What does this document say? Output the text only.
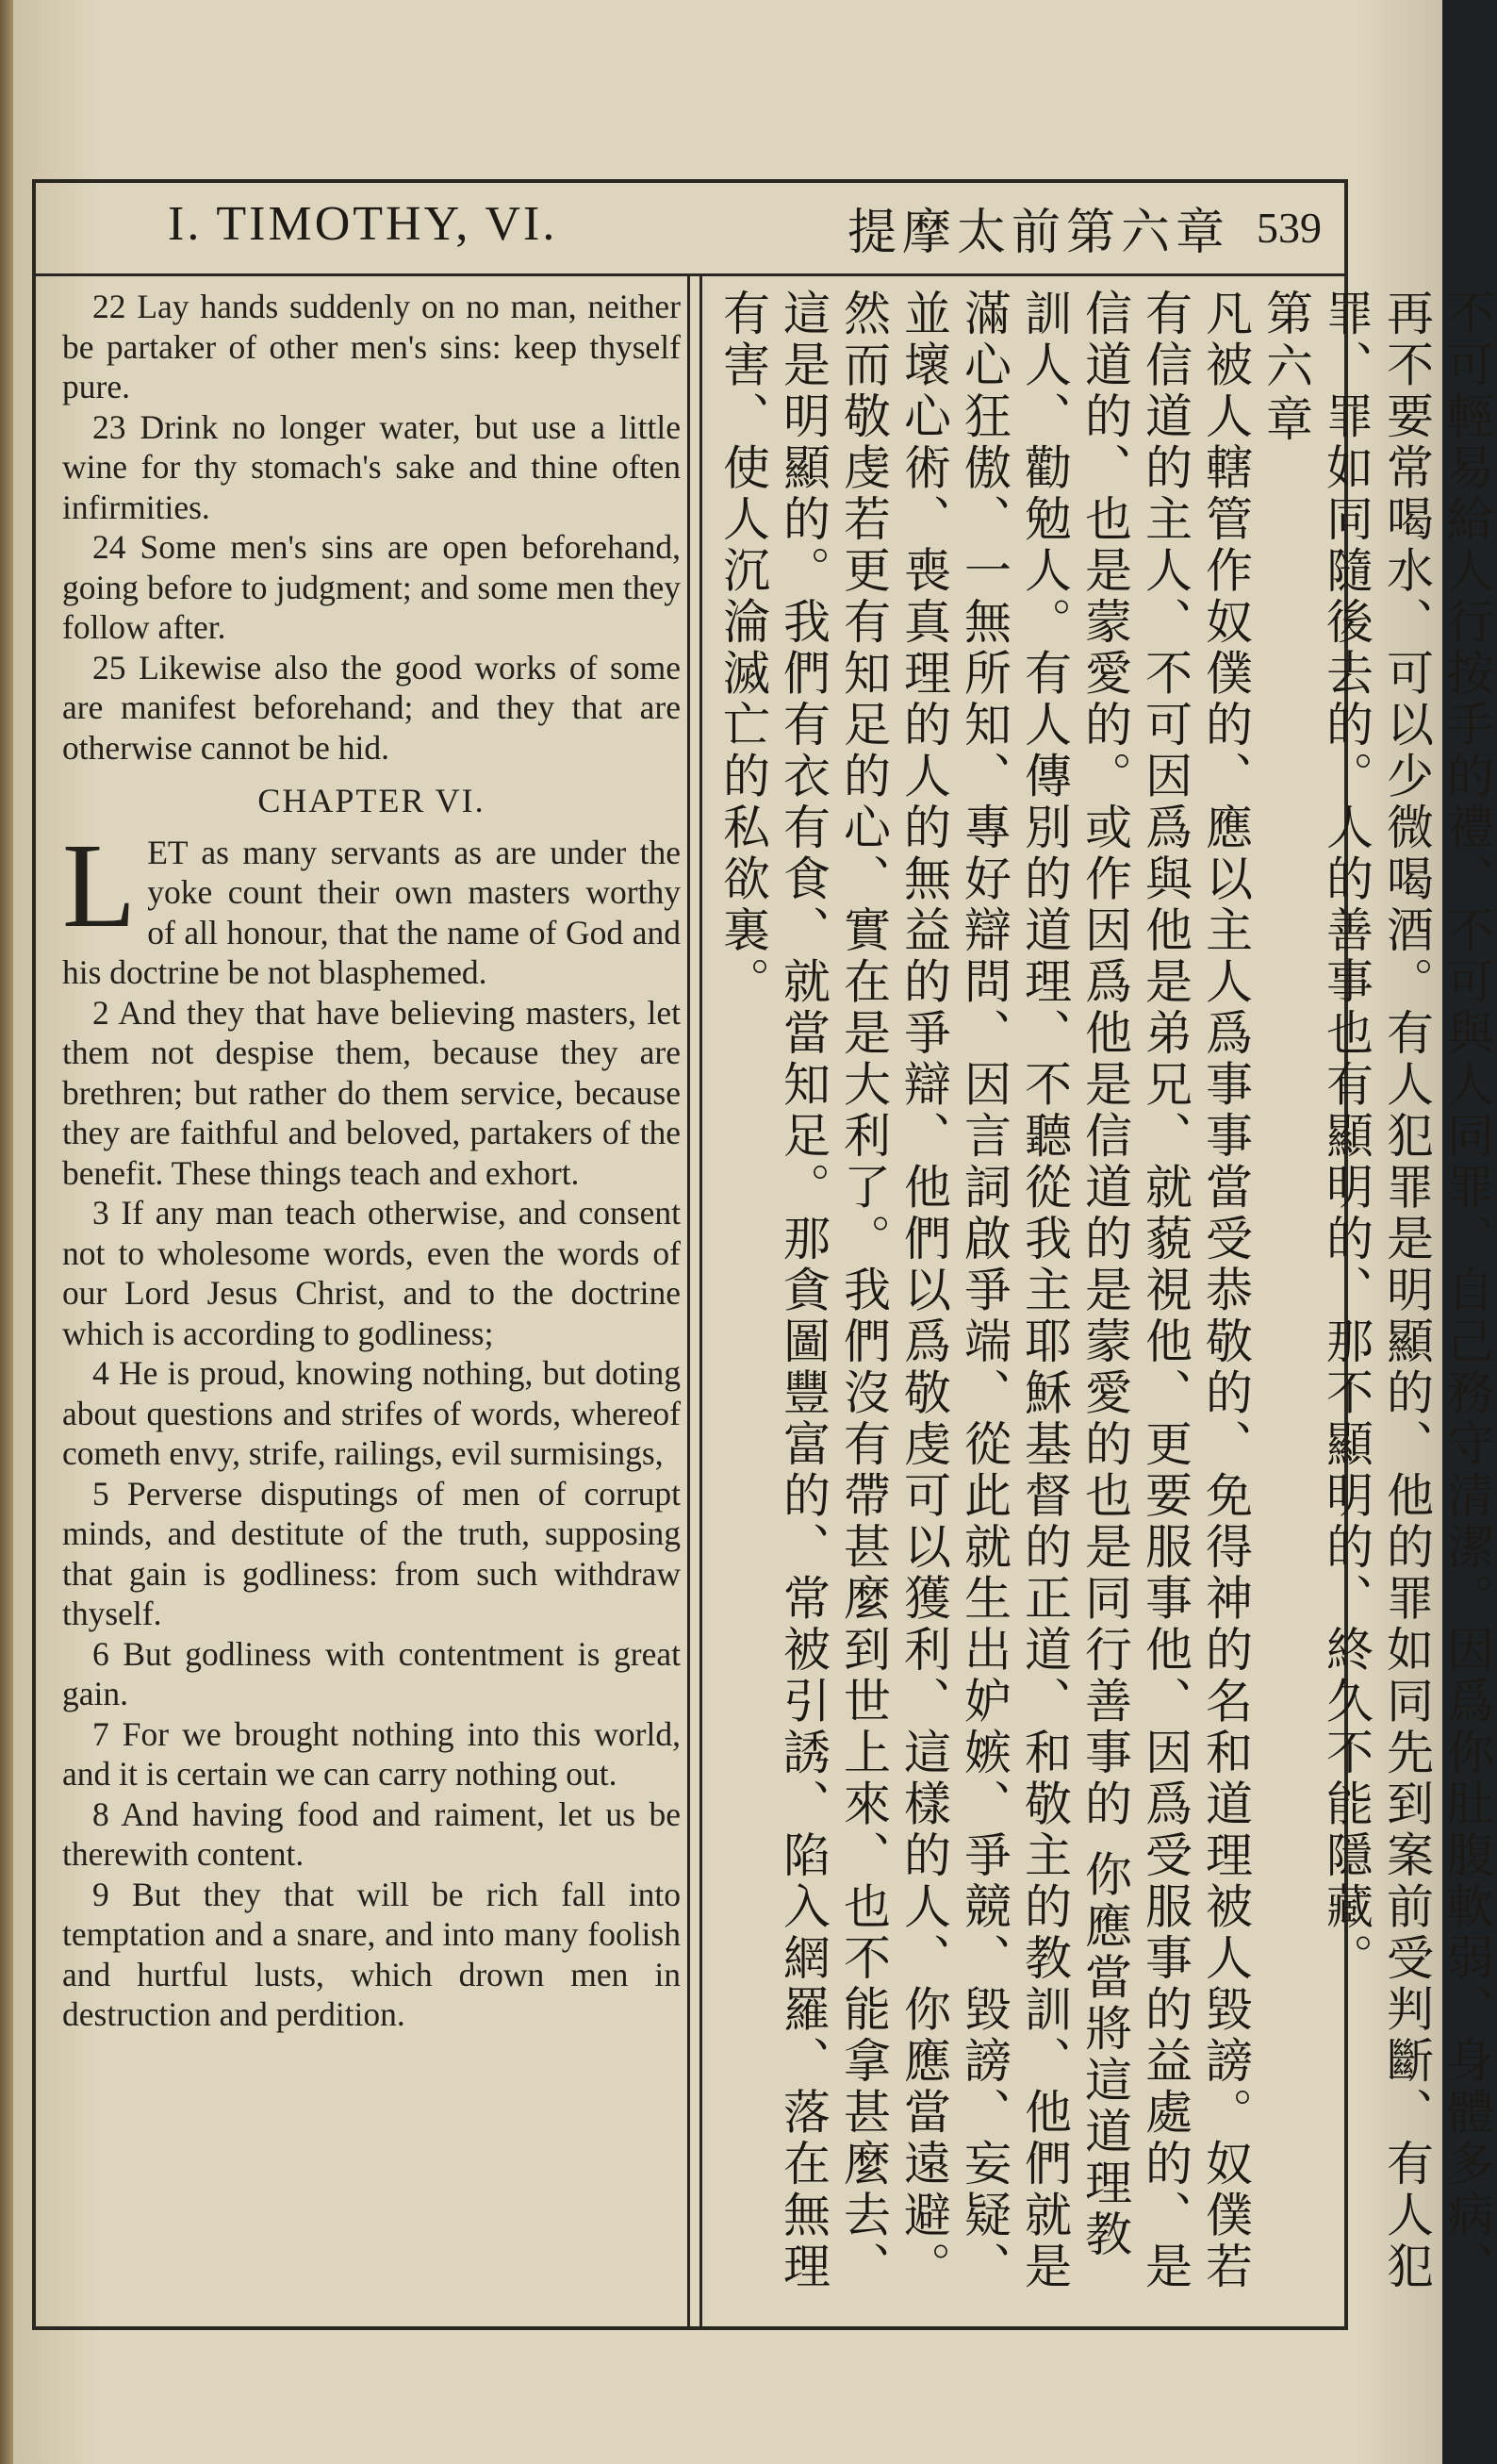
I. TIMOTHY, VI.	提摩太前第六章 539

22 Lay hands suddenly on no man, neither be partaker of other men's sins: keep thyself pure.

23 Drink no longer water, but use a little wine for thy stomach's sake and thine often infirmities.

24 Some men's sins are open beforehand, going before to judgment; and some men they follow after.

25 Likewise also the good works of some are manifest beforehand; and they that are otherwise cannot be hid.

CHAPTER VI.

L ET as many servants as are under the yoke count their own masters worthy of all honour, that the name of God and his doctrine be not blasphemed.

2 And they that have believing masters, let them not despise them, because they are brethren; but rather do them service, because they are faithful and beloved, partakers of the benefit. These things teach and exhort.

3 If any man teach otherwise, and consent not to wholesome words, even the words of our Lord Jesus Christ, and to the doctrine which is according to godliness;

4 He is proud, knowing nothing, but doting about questions and strifes of words, whereof cometh envy, strife, railings, evil surmisings,

5 Perverse disputings of men of corrupt minds, and destitute of the truth, supposing that gain is godliness: from such withdraw thyself.

6 But godliness with contentment is great gain.

7 For we brought nothing into this world, and it is certain we can carry nothing out.

8 And having food and raiment, let us be therewith content.

9 But they that will be rich fall into temptation and a snare, and into many foolish and hurtful lusts, which drown men in destruction and perdition.	不可輕易給人行按手的禮、不可與人同罪、自己務守清潔。因爲你肚腹軟弱、身體多病、再不要常喝水、可以少微喝酒。有人犯罪是明顯的、他的罪如同先到案前受判斷、有人犯罪、罪如同隨後去的。人的善事也有顯明的、那不顯明的、終久不能隱藏。
第六章
凡被人轄管作奴僕的、應以主人爲事事當受恭敬的、免得神的名和道理被人毀謗。奴僕若有信道的主人、不可因爲與他是弟兄、就藐視他、更要服事他、因爲受服事的益處的、是信道的、也是蒙愛的。或作因爲他是信道的是蒙愛的也是同行善事的 你應當將這道理教訓人、勸勉人。有人傳別的道理、不聽從我主耶穌基督的正道、和敬主的教訓、他們就是滿心狂傲、一無所知、專好辯問、因言詞啟爭端、從此就生出妒嫉、爭競、毀謗、妄疑、並壞心術、喪真理的人的無益的爭辯、他們以爲敬虔可以獲利、這樣的人、你應當遠避。然而敬虔若更有知足的心、實在是大利了。我們沒有帶甚麼到世上來、也不能拿甚麼去、這是明顯的。我們有衣有食、就當知足。那貪圖豐富的、常被引誘、陷入網羅、落在無理有害、使人沉淪滅亡的私欲裏。
